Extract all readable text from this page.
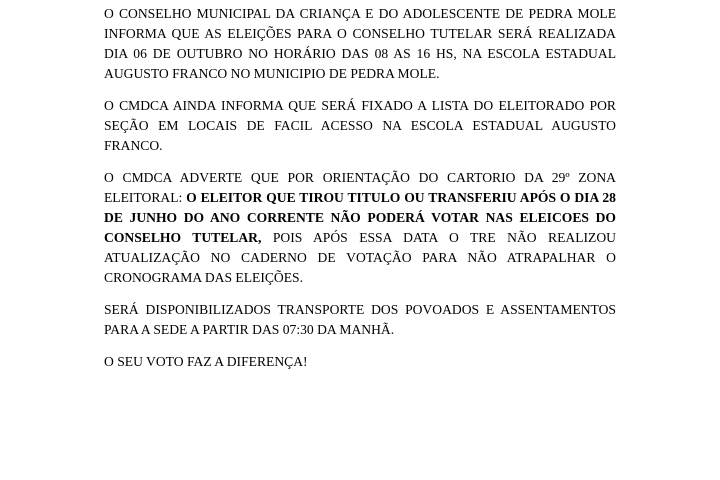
O CONSELHO MUNICIPAL DA CRIANÇA E DO ADOLESCENTE DE PEDRA MOLE INFORMA QUE AS ELEIÇÕES PARA O CONSELHO TUTELAR SERÁ REALIZADA DIA 06 DE OUTUBRO NO HORÁRIO DAS 08 AS 16 HS, NA ESCOLA ESTADUAL AUGUSTO FRANCO NO MUNICIPIO DE PEDRA MOLE.

O CMDCA AINDA INFORMA QUE SERÁ FIXADO A LISTA DO ELEITORADO POR SEÇÃO EM LOCAIS DE FACIL ACESSO NA ESCOLA ESTADUAL AUGUSTO FRANCO.

O CMDCA ADVERTE QUE POR ORIENTAÇÃO DO CARTORIO DA 29º ZONA ELEITORAL: O ELEITOR QUE TIROU TITULO OU TRANSFERIU APÓS O DIA 28 DE JUNHO DO ANO CORRENTE NÃO PODERÁ VOTAR NAS ELEICOES DO CONSELHO TUTELAR, POIS APÓS ESSA DATA O TRE NÃO REALIZOU ATUALIZAÇÃO NO CADERNO DE VOTAÇÃO PARA NÃO ATRAPALHAR O CRONOGRAMA DAS ELEIÇÕES.

SERÁ DISPONIBILIZADOS TRANSPORTE DOS POVOADOS E ASSENTAMENTOS PARA A SEDE A PARTIR DAS 07:30 DA MANHÃ.

O SEU VOTO FAZ A DIFERENÇA!
